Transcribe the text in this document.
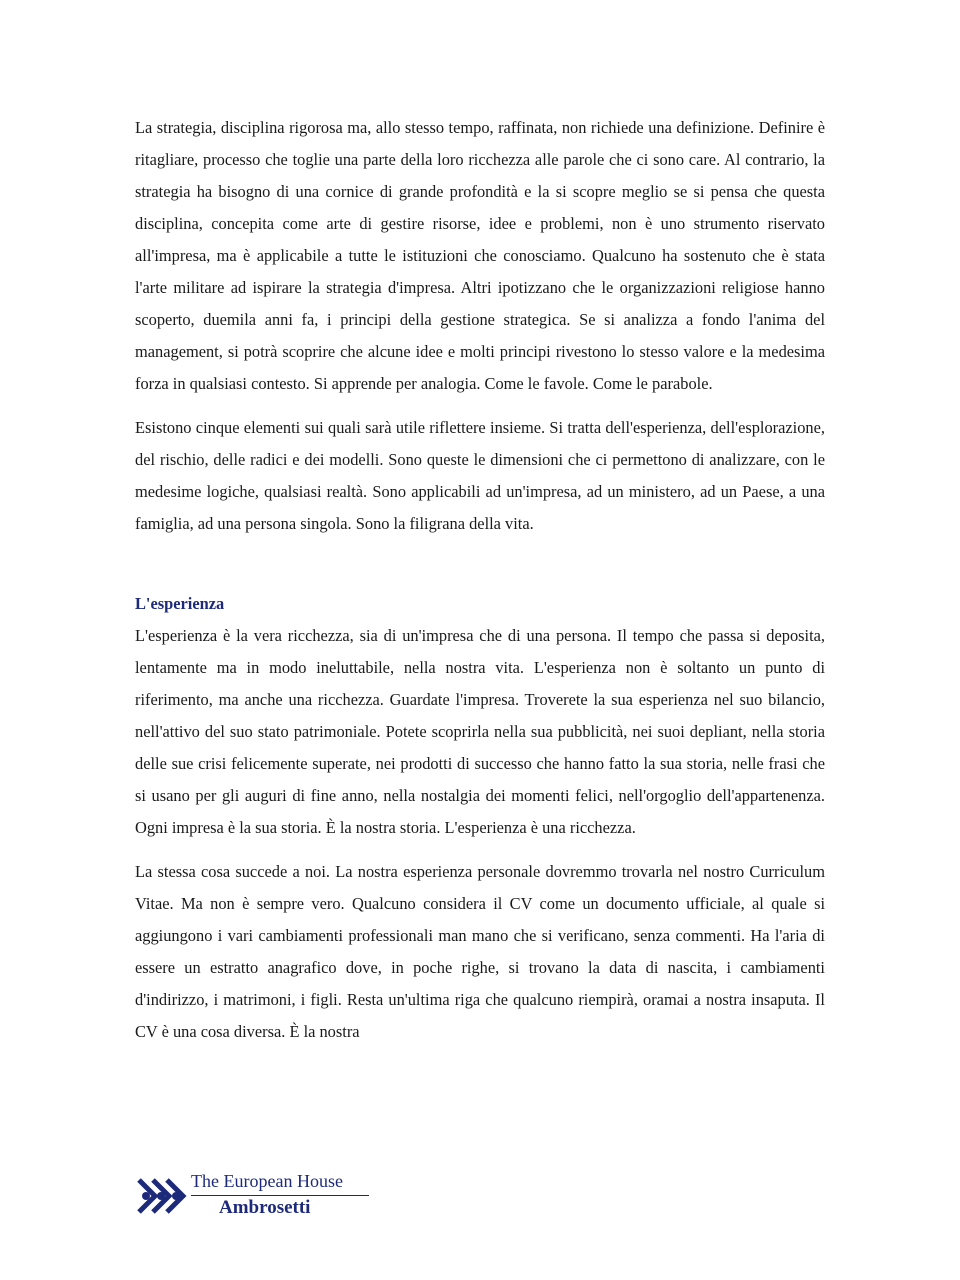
La strategia, disciplina rigorosa ma, allo stesso tempo, raffinata, non richiede una definizione. Definire è ritagliare, processo che toglie una parte della loro ricchezza alle parole che ci sono care. Al contrario, la strategia ha bisogno di una cornice di grande profondità e la si scopre meglio se si pensa che questa disciplina, concepita come arte di gestire risorse, idee e problemi, non è uno strumento riservato all'impresa, ma è applicabile a tutte le istituzioni che conosciamo. Qualcuno ha sostenuto che è stata l'arte militare ad ispirare la strategia d'impresa. Altri ipotizzano che le organizzazioni religiose hanno scoperto, duemila anni fa, i principi della gestione strategica. Se si analizza a fondo l'anima del management, si potrà scoprire che alcune idee e molti principi rivestono lo stesso valore e la medesima forza in qualsiasi contesto. Si apprende per analogia. Come le favole. Come le parabole.

Esistono cinque elementi sui quali sarà utile riflettere insieme. Si tratta dell'esperienza, dell'esplorazione, del rischio, delle radici e dei modelli. Sono queste le dimensioni che ci permettono di analizzare, con le medesime logiche, qualsiasi realtà. Sono applicabili ad un'impresa, ad un ministero, ad un Paese, a una famiglia, ad una persona singola. Sono la filigrana della vita.

L'esperienza

L'esperienza è la vera ricchezza, sia di un'impresa che di una persona. Il tempo che passa si deposita, lentamente ma in modo ineluttabile, nella nostra vita. L'esperienza non è soltanto un punto di riferimento, ma anche una ricchezza. Guardate l'impresa. Troverete la sua esperienza nel suo bilancio, nell'attivo del suo stato patrimoniale. Potete scoprirla nella sua pubblicità, nei suoi depliant, nella storia delle sue crisi felicemente superate, nei prodotti di successo che hanno fatto la sua storia, nelle frasi che si usano per gli auguri di fine anno, nella nostalgia dei momenti felici, nell'orgoglio dell'appartenenza. Ogni impresa è la sua storia. È la nostra storia. L'esperienza è una ricchezza.

La stessa cosa succede a noi. La nostra esperienza personale dovremmo trovarla nel nostro Curriculum Vitae. Ma non è sempre vero. Qualcuno considera il CV come un documento ufficiale, al quale si aggiungono i vari cambiamenti professionali man mano che si verificano, senza commenti. Ha l'aria di essere un estratto anagrafico dove, in poche righe, si trovano la data di nascita, i cambiamenti d'indirizzo, i matrimoni, i figli. Resta un'ultima riga che qualcuno riempirà, oramai a nostra insaputa. Il CV è una cosa diversa. È la nostra

The European House
Ambrosetti
